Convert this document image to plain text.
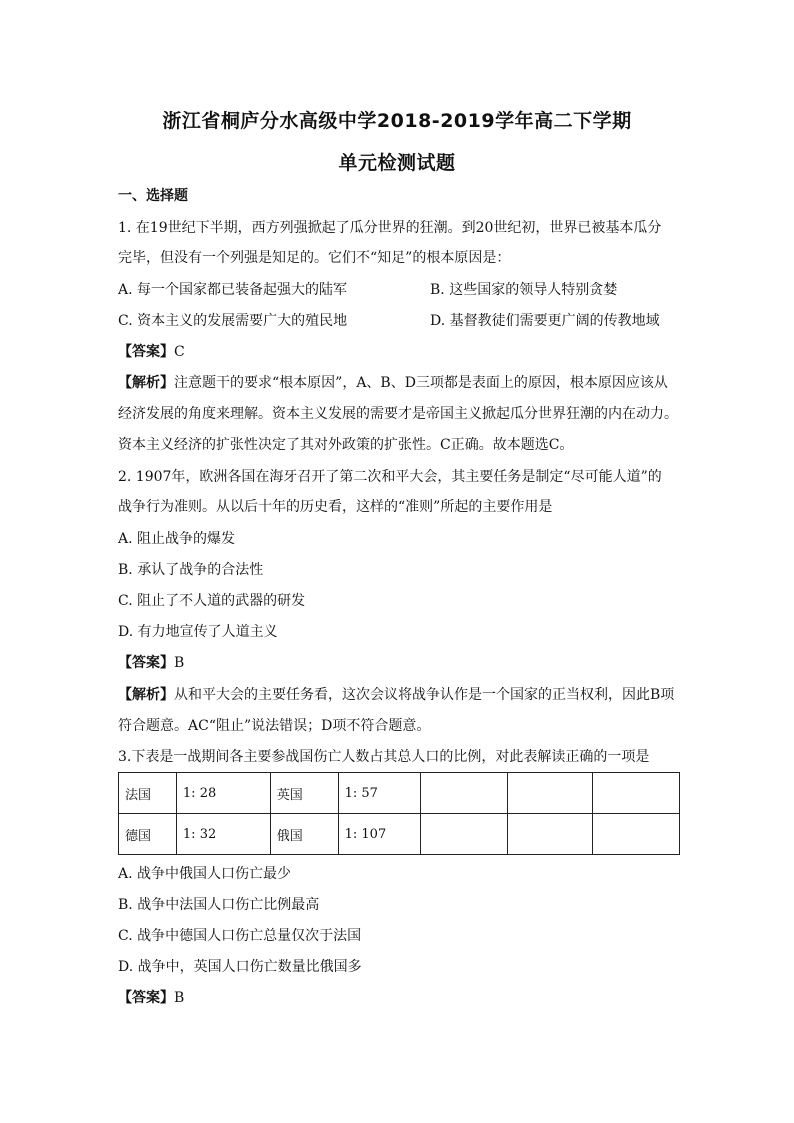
浙江省桐庐分水高级中学2018-2019学年高二下学期
单元检测试题
一、选择题
1. 在19世纪下半期，西方列强掀起了瓜分世界的狂潮。到20世纪初，世界已被基本瓜分
完毕，但没有一个列强是知足的。它们不“知足”的根本原因是：
A. 每一个国家都已装备起强大的陆军	B. 这些国家的领导人特别贪婪
C. 资本主义的发展需要广大的殖民地	D. 基督教徒们需要更广阔的传教地域
【答案】C
【解析】注意题干的要求“根本原因”，A、B、D三项都是表面上的原因，根本原因应该从
经济发展的角度来理解。资本主义发展的需要才是帝国主义掀起瓜分世界狂潮的内在动力。
资本主义经济的扩张性决定了其对外政策的扩张性。C正确。故本题选C。
2. 1907年，欧洲各国在海牙召开了第二次和平大会，其主要任务是制定“尽可能人道”的
战争行为准则。从以后十年的历史看，这样的“准则”所起的主要作用是
A. 阻止战争的爆发
B. 承认了战争的合法性
C. 阻止了不人道的武器的研发
D. 有力地宣传了人道主义
【答案】B
【解析】从和平大会的主要任务看，这次会议将战争认作是一个国家的正当权利，因此B项
符合题意。AC“阻止”说法错误；D项不符合题意。
3.下表是一战期间各主要参战国伤亡人数占其总人口的比例，对此表解读正确的一项是
法国	1: 28	英国	1: 57			
德国	1: 32	俄国	1: 107			
A. 战争中俄国人口伤亡最少
B. 战争中法国人口伤亡比例最高
C. 战争中德国人口伤亡总量仅次于法国
D. 战争中，英国人口伤亡数量比俄国多
【答案】B
